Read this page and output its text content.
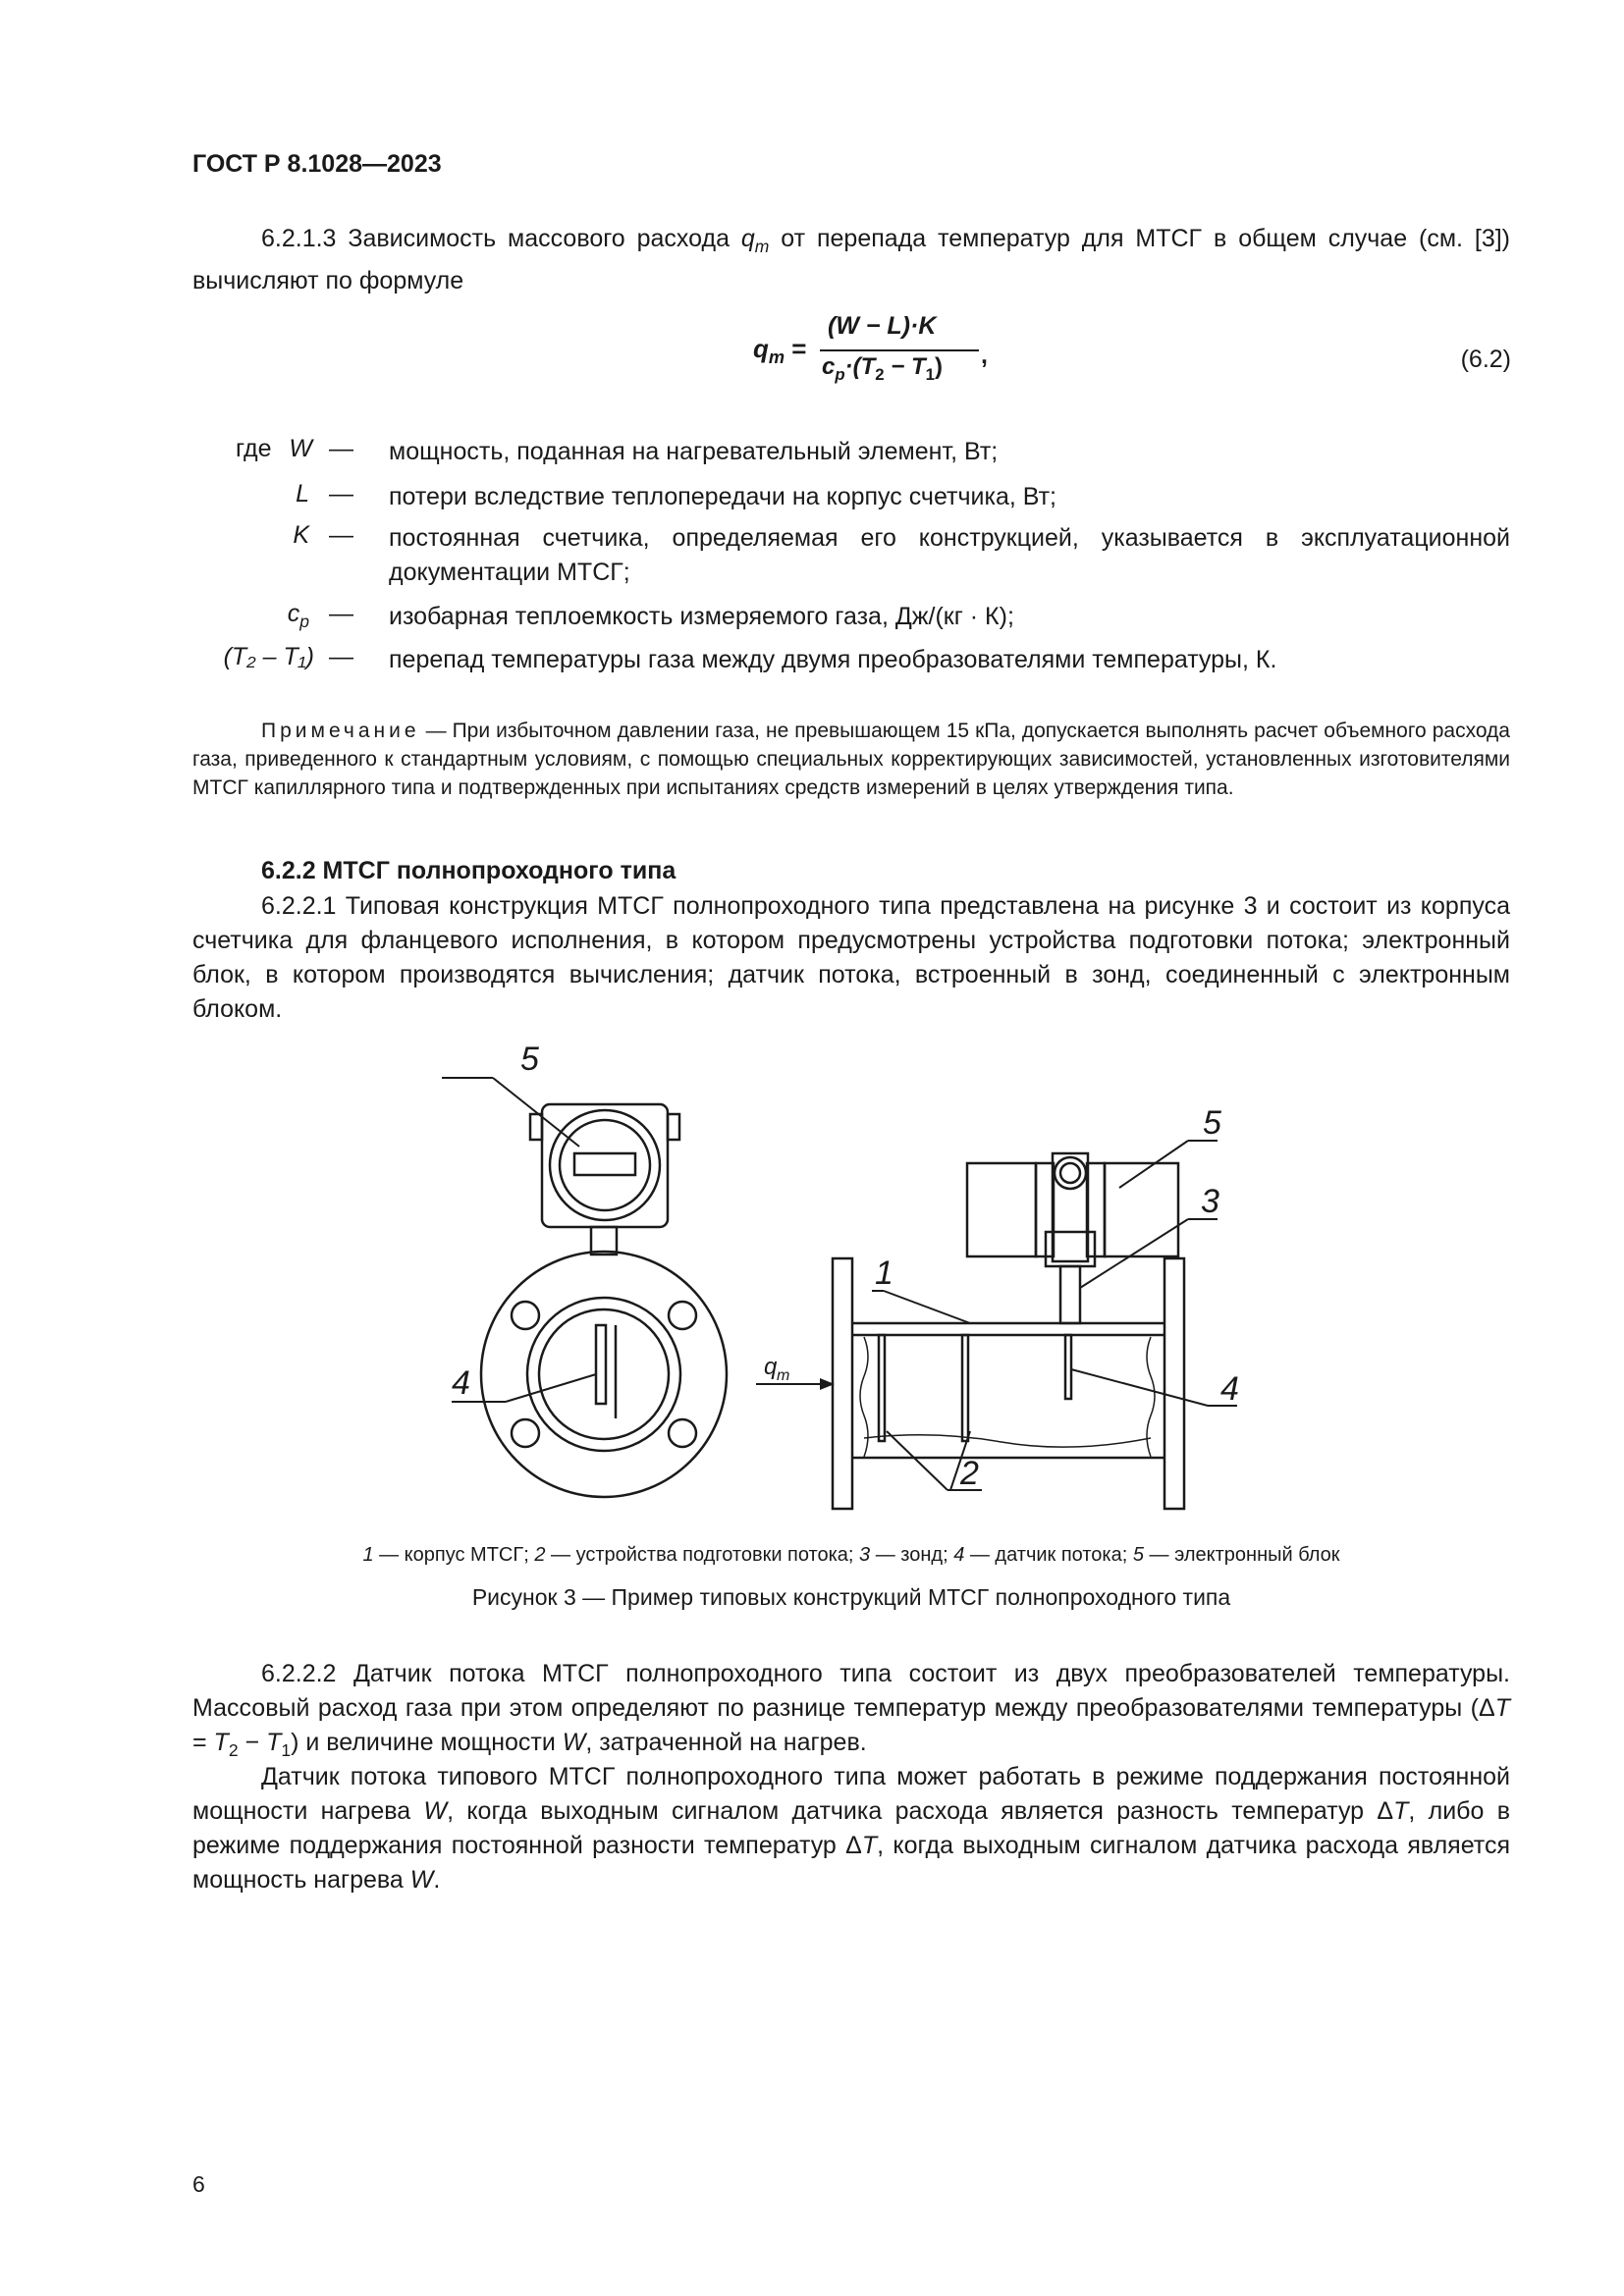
ГОСТ Р 8.1028—2023

6.2.1.3 Зависимость массового расхода $q_m$ от перепада температур для МТСГ в общем случае (см. [3]) вычисляют по формуле

$q_m$ =
(W − L)·K
$c_p\cdot(T_2 - T_1)$ ,	(6.2)
где W — мощность, поданная на нагревательный элемент, Вт;
L — потери вследствие теплопередачи на корпус счетчика, Вт;
K — постоянная счетчика, определяемая его конструкцией, указывается в эксплуатационной документации МТСГ;
$c_p$ — изобарная теплоемкость измеряемого газа, Дж/(кг · К);
(T₂ – T₁) — перепад температуры газа между двумя преобразователями температуры, К.

Примечание — При избыточном давлении газа, не превышающем 15 кПа, допускается выполнять расчет объемного расхода газа, приведенного к стандартным условиям, с помощью специальных корректирующих зависимостей, установленных изготовителями МТСГ капиллярного типа и подтвержденных при испытаниях средств измерений в целях утверждения типа.

6.2.2 МТСГ полнопроходного типа

6.2.2.1 Типовая конструкция МТСГ полнопроходного типа представлена на рисунке 3 и состоит из корпуса счетчика для фланцевого исполнения, в котором предусмотрены устройства подготовки потока; электронный блок, в котором производятся вычисления; датчик потока, встроенный в зонд, соединенный с электронным блоком.

5
4
1
2
3
5
4
q m
1 — корпус МТСГ; 2 — устройства подготовки потока; 3 — зонд; 4 — датчик потока; 5 — электронный блок
Рисунок 3 — Пример типовых конструкций МТСГ полнопроходного типа

6.2.2.2 Датчик потока МТСГ полнопроходного типа состоит из двух преобразователей температуры. Массовый расход газа при этом определяют по разнице температур между преобразователями температуры $(\Delta T = T_2 - T_1)$ и величине мощности W, затраченной на нагрев.

Датчик потока типового МТСГ полнопроходного типа может работать в режиме поддержания постоянной мощности нагрева W, когда выходным сигналом датчика расхода является разность температур ΔT, либо в режиме поддержания постоянной разности температур ΔT, когда выходным сигналом датчика расхода является мощность нагрева W.

6
